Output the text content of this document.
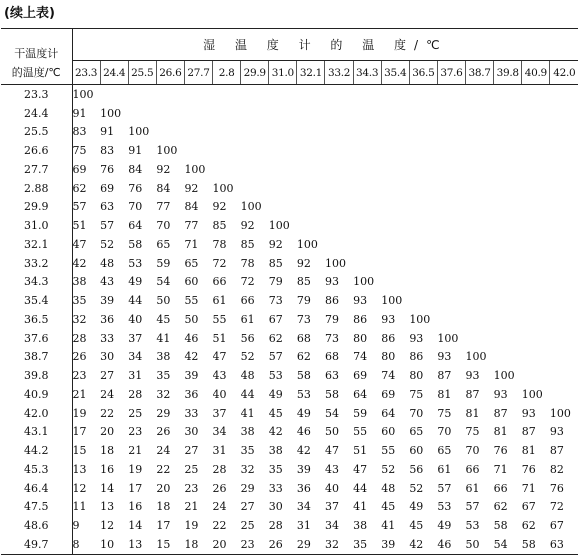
(续上表)
干温度计	湿 温 度 计 的 温 度/℃																	
的温度/℃	23.3	24.4	25.5	26.6	27.7	2.8	29.9	31.0	32.1	33.2	34.3	35.4	36.5	37.6	38.7	39.8	40.9	42.0
23.3	100																	
24.4	91	100																
25.5	83	91	100															
26.6	75	83	91	100														
27.7	69	76	84	92	100													
2.88	62	69	76	84	92	100												
29.9	57	63	70	77	84	92	100											
31.0	51	57	64	70	77	85	92	100										
32.1	47	52	58	65	71	78	85	92	100									
33.2	42	48	53	59	65	72	78	85	92	100								
34.3	38	43	49	54	60	66	72	79	85	93	100							
35.4	35	39	44	50	55	61	66	73	79	86	93	100						
36.5	32	36	40	45	50	55	61	67	73	79	86	93	100					
37.6	28	33	37	41	46	51	56	62	68	73	80	86	93	100				
38.7	26	30	34	38	42	47	52	57	62	68	74	80	86	93	100			
39.8	23	27	31	35	39	43	48	53	58	63	69	74	80	87	93	100		
40.9	21	24	28	32	36	40	44	49	53	58	64	69	75	81	87	93	100	
42.0	19	22	25	29	33	37	41	45	49	54	59	64	70	75	81	87	93	100
43.1	17	20	23	26	30	34	38	42	46	50	55	60	65	70	75	81	87	93
44.2	15	18	21	24	27	31	35	38	42	47	51	55	60	65	70	76	81	87
45.3	13	16	19	22	25	28	32	35	39	43	47	52	56	61	66	71	76	82
46.4	12	14	17	20	23	26	29	33	36	40	44	48	52	57	61	66	71	76
47.5	11	13	16	18	21	24	27	30	34	37	41	45	49	53	57	62	67	72
48.6	9	12	14	17	19	22	25	28	31	34	38	41	45	49	53	58	62	67
49.7	8	10	13	15	18	20	23	26	29	32	35	39	42	46	50	54	58	63
